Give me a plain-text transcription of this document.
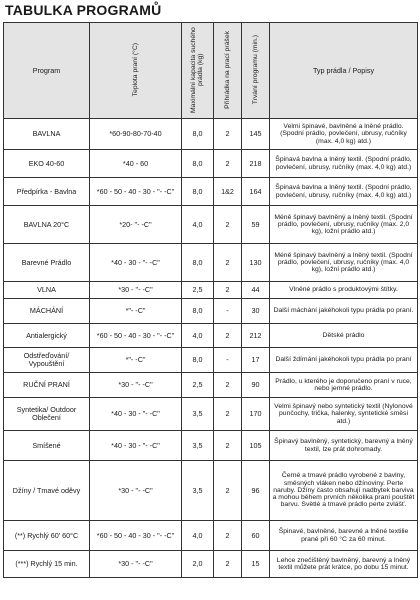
TABULKA PROGRAMŮ
Program	Teplota praní (°C)	Maximální kapacita suchého prádla (kg)	Přihrádka na prací prášek	Trvání programu (min.)	Typ prádla / Popisy
BAVLNA	*60-90-80-70-40	8,0	2	145	Velmi špinavé, bavlněné a lněné prádlo. (Spodní prádlo, povlečení, ubrusy, ručníky (max. 4,0 kg) atd.)
EKO 40-60	*40 - 60	8,0	2	218	Špinavá bavlna a lněný textil. (Spodní prádlo, povlečení, ubrusy, ručníky (max. 4,0 kg) atd.)
Předpírka - Bavlna	*60 - 50 - 40 - 30 - "- -C"	8,0	1&2	164	Špinavá bavlna a lněný textil. (Spodní prádlo, povlečení, ubrusy, ručníky (max. 4,0 kg) atd.)
BAVLNA 20°C	*20- "- -C"	4,0	2	59	Méně špinavý bavlněný a lněný textil. (Spodní prádlo, povlečení, ubrusy, ručníky (max. 2,0 kg), ložní prádlo atd.)
Barevné Prádlo	*40 - 30 - "- -C"	8,0	2	130	Méně špinavý bavlněný a lněný textil. (Spodní prádlo, povlečení, ubrusy, ručníky (max. 4,0 kg), ložní prádlo atd.)
VLNA	*30 - "- -C"	2,5	2	44	Vlněné prádlo s produktovými štítky.
MÁCHÁNÍ	*"- -C"	8,0	-	30	Další máchání jakéhokoli typu prádla po praní.
Antialergický	*60 - 50 - 40 - 30 - "- -C"	4,0	2	212	Dětské prádlo
Odstřeďování/ Vypouštění	*"- -C"	8,0	-	17	Další ždímání jakéhokoli typu prádla po praní
RUČNÍ PRANÍ	*30 - "- -C"	2,5	2	90	Prádlo, u kterého je doporučeno praní v ruce, nebo jemné prádlo.
Syntetika/ Outdoor Oblečení	*40 - 30 - "- -C"	3,5	2	170	Velmi špinavý nebo syntetický textil (Nylonové punčochy, trička, halenky, syntetické směsi atd.)
Smíšené	*40 - 30 - "- -C"	3,5	2	105	Špinavý bavlněný, syntetický, barevný a lněný textil, lze prát dohromady.
Džíny / Tmavé oděvy	*30 - "- -C"	3,5	2	96	Černé a tmavé prádlo vyrobené z bavlny, směsných vláken nebo džínoviny. Perte naruby. Džíny často obsahují nadbytek barviva a mohou během prvních několika praní pouštět barvu. Světlé a tmavé prádlo perte zvlášť.
(**) Rychlý 60' 60°C	*60 - 50 - 40 - 30 - "- -C"	4,0	2	60	Špinavé, bavlněné, barevné a lněné textilie prané při 60 °C za 60 minut.
(***) Rychlý 15 min.	*30 - "- -C"	2,0	2	15	Lehce znečištěný bavlněný, barevný a lněný textil můžete prát krátce, po dobu 15 minut.
